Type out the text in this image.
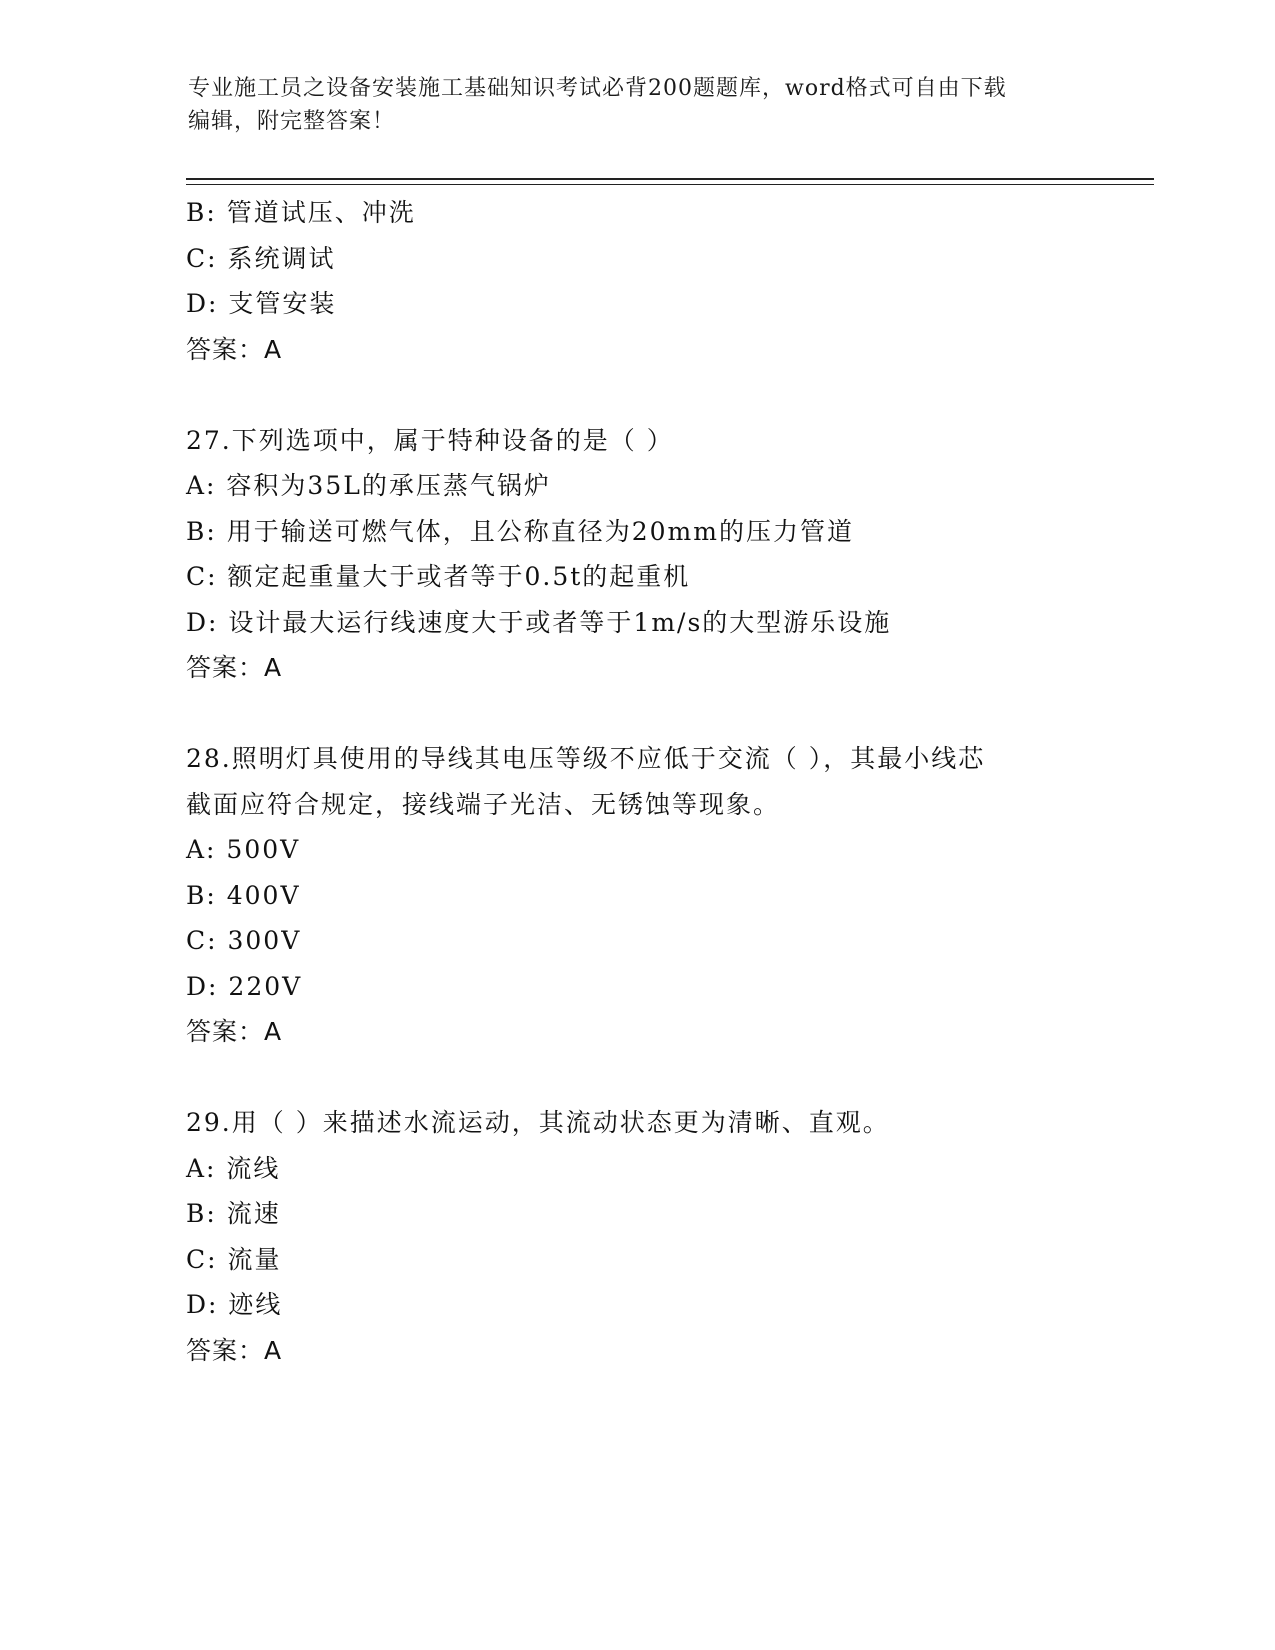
专业施工员之设备安装施工基础知识考试必背200题题库，word格式可自由下载
编辑，附完整答案！
B: 管道试压、冲洗
C: 系统调试
D: 支管安装
答案：A
27.下列选项中，属于特种设备的是（ ）
A: 容积为35L的承压蒸气锅炉
B: 用于输送可燃气体，且公称直径为20mm的压力管道
C: 额定起重量大于或者等于0.5t的起重机
D: 设计最大运行线速度大于或者等于1m/s的大型游乐设施
答案：A
28.照明灯具使用的导线其电压等级不应低于交流（ ），其最小线芯
截面应符合规定，接线端子光洁、无锈蚀等现象。
A: 500V
B: 400V
C: 300V
D: 220V
答案：A
29.用（ ）来描述水流运动，其流动状态更为清晰、直观。
A: 流线
B: 流速
C: 流量
D: 迹线
答案：A
